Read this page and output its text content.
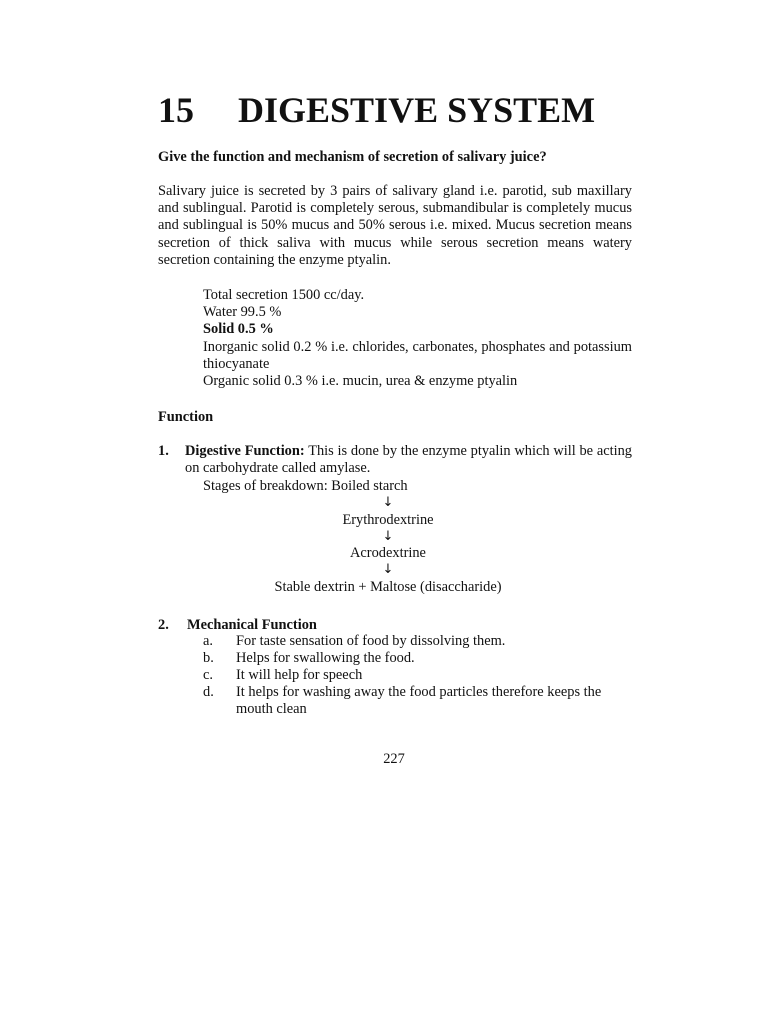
15 DIGESTIVE SYSTEM
Give the function and mechanism of secretion of salivary juice?
Salivary juice is secreted by 3 pairs of salivary gland i.e. parotid, sub maxillary and sublingual. Parotid is completely serous, submandibular is completely mucus and sublingual is 50% mucus and 50% serous i.e. mixed. Mucus secretion means secretion of thick saliva with mucus while serous secretion means watery secretion containing the enzyme ptyalin.
Total secretion 1500 cc/day.
Water 99.5 %
Solid 0.5 %
Inorganic solid 0.2 % i.e. chlorides, carbonates, phosphates and potassium thiocyanate
Organic solid 0.3 % i.e. mucin, urea & enzyme ptyalin
Function
1. Digestive Function: This is done by the enzyme ptyalin which will be acting on carbohydrate called amylase.
Stages of breakdown: Boiled starch
↓
Erythrodextrine
↓
Acrodextrine
↓
Stable dextrin + Maltose (disaccharide)
2. Mechanical Function
a. For taste sensation of food by dissolving them.
b. Helps for swallowing the food.
c. It will help for speech
d. It helps for washing away the food particles therefore keeps the mouth clean
227
